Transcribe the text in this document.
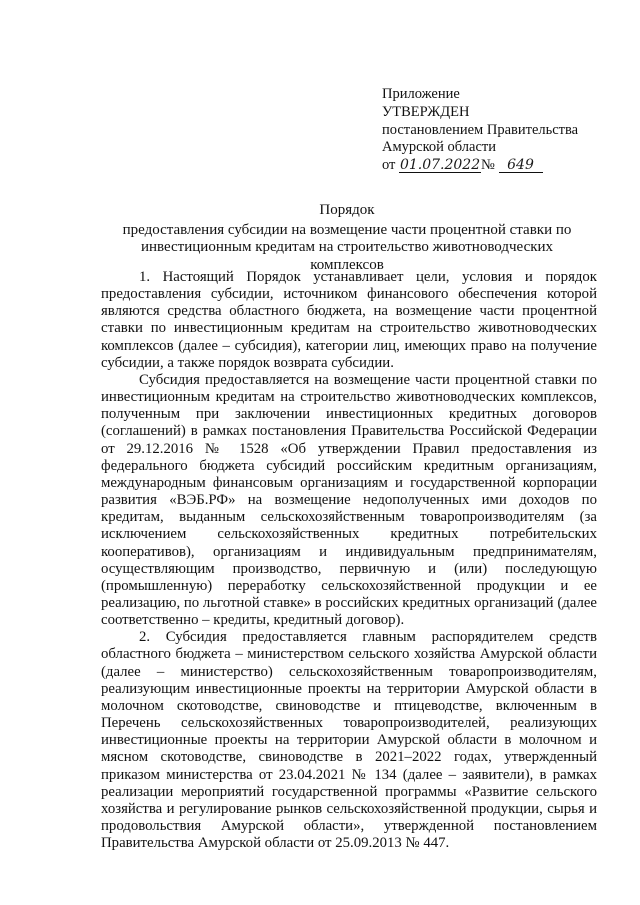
Приложение
УТВЕРЖДЕН
постановлением Правительства
Амурской области
от 01.07.2022№ 649
Порядок
предоставления субсидии на возмещение части процентной ставки по инвестиционным кредитам на строительство животноводческих комплексов

1. Настоящий Порядок устанавливает цели, условия и порядок предоставления субсидии, источником финансового обеспечения которой являются средства областного бюджета, на возмещение части процентной ставки по инвестиционным кредитам на строительство животноводческих комплексов (далее – субсидия), категории лиц, имеющих право на получение субсидии, а также порядок возврата субсидии.

Субсидия предоставляется на возмещение части процентной ставки по инвестиционным кредитам на строительство животноводческих комплексов, полученным при заключении инвестиционных кредитных договоров (соглашений) в рамках постановления Правительства Российской Федерации от 29.12.2016 № 1528 «Об утверждении Правил предоставления из федерального бюджета субсидий российским кредитным организациям, международным финансовым организациям и государственной корпорации развития «ВЭБ.РФ» на возмещение недополученных ими доходов по кредитам, выданным сельскохозяйственным товаропроизводителям (за исключением сельскохозяйственных кредитных потребительских кооперативов), организациям и индивидуальным предпринимателям, осуществляющим производство, первичную и (или) последующую (промышленную) переработку сельскохозяйственной продукции и ее реализацию, по льготной ставке» в российских кредитных организаций (далее соответственно – кредиты, кредитный договор).

2. Субсидия предоставляется главным распорядителем средств областного бюджета – министерством сельского хозяйства Амурской области (далее – министерство) сельскохозяйственным товаропроизводителям, реализующим инвестиционные проекты на территории Амурской области в молочном скотоводстве, свиноводстве и птицеводстве, включенным в Перечень сельскохозяйственных товаропроизводителей, реализующих инвестиционные проекты на территории Амурской области в молочном и мясном скотоводстве, свиноводстве в 2021–2022 годах, утвержденный приказом министерства от 23.04.2021 № 134 (далее – заявители), в рамках реализации мероприятий государственной программы «Развитие сельского хозяйства и регулирование рынков сельскохозяйственной продукции, сырья и продовольствия Амурской области», утвержденной постановлением Правительства Амурской области от 25.09.2013 № 447.
